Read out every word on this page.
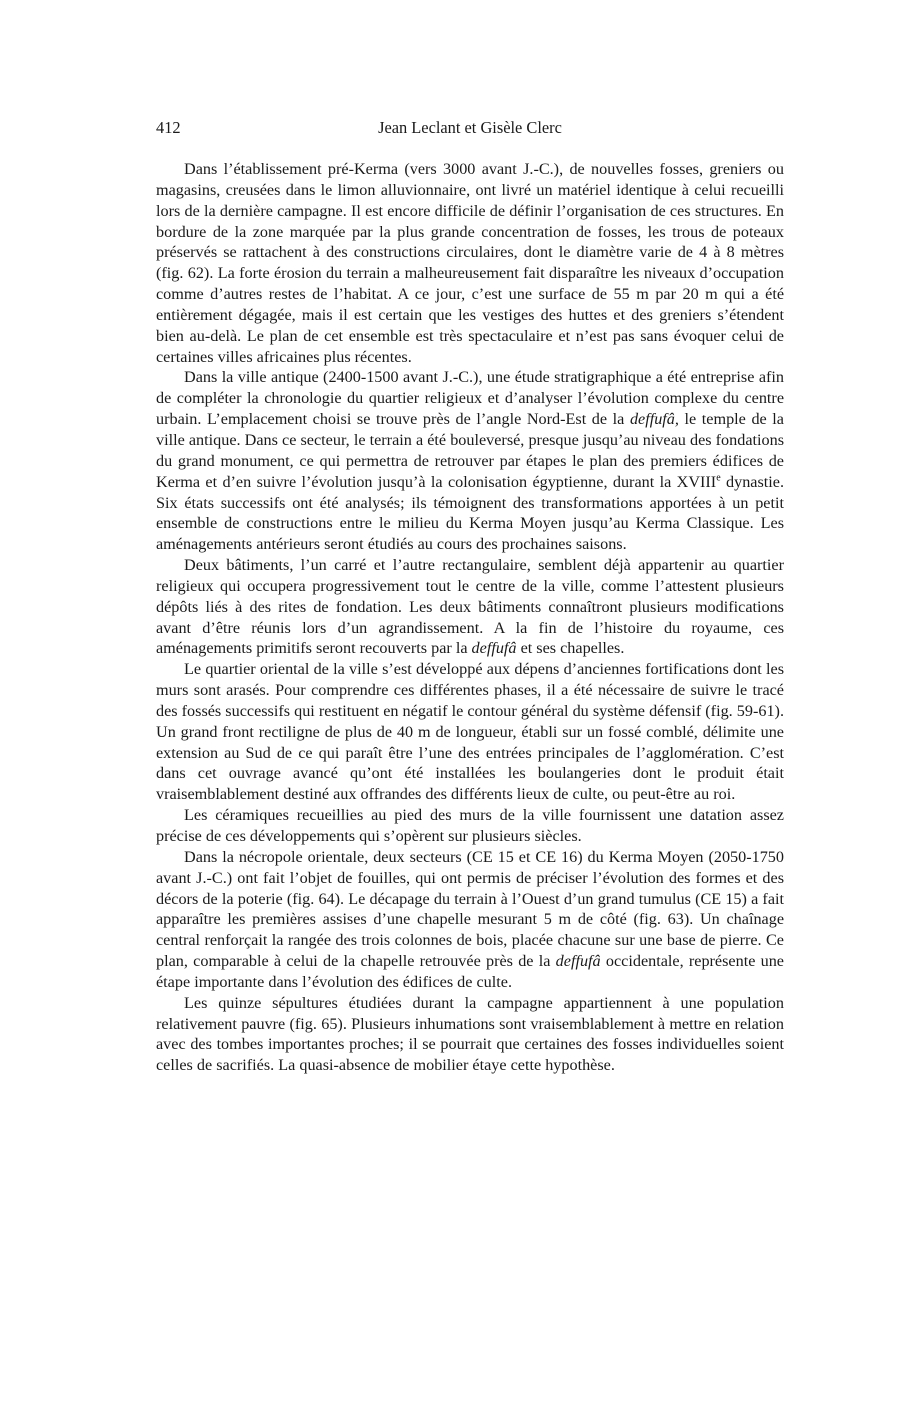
412	Jean Leclant et Gisèle Clerc

Dans l’établissement pré-Kerma (vers 3000 avant J.-C.), de nouvelles fosses, greniers ou magasins, creusées dans le limon alluvionnaire, ont livré un matériel identique à celui recueilli lors de la dernière campagne. Il est encore difficile de définir l’organisation de ces structures. En bordure de la zone marquée par la plus grande concentration de fosses, les trous de poteaux préservés se rattachent à des constructions circulaires, dont le diamètre varie de 4 à 8 mètres (fig. 62). La forte érosion du terrain a malheureusement fait disparaître les niveaux d’occupation comme d’autres restes de l’habitat. A ce jour, c’est une surface de 55 m par 20 m qui a été entièrement dégagée, mais il est certain que les vestiges des huttes et des greniers s’étendent bien au-delà. Le plan de cet ensemble est très spectaculaire et n’est pas sans évoquer celui de certaines villes africaines plus récentes.

Dans la ville antique (2400-1500 avant J.-C.), une étude stratigraphique a été entreprise afin de compléter la chronologie du quartier religieux et d’analyser l’évolution complexe du centre urbain. L’emplacement choisi se trouve près de l’angle Nord-Est de la deffufâ, le temple de la ville antique. Dans ce secteur, le terrain a été bouleversé, presque jusqu’au niveau des fondations du grand monument, ce qui permettra de retrouver par étapes le plan des premiers édifices de Kerma et d’en suivre l’évolution jusqu’à la colonisation égyptienne, durant la XVIIIe dynastie. Six états successifs ont été analysés; ils témoignent des transformations apportées à un petit ensemble de constructions entre le milieu du Kerma Moyen jusqu’au Kerma Classique. Les aménagements antérieurs seront étudiés au cours des prochaines saisons.

Deux bâtiments, l’un carré et l’autre rectangulaire, semblent déjà appartenir au quartier religieux qui occupera progressivement tout le centre de la ville, comme l’attestent plusieurs dépôts liés à des rites de fondation. Les deux bâtiments connaîtront plusieurs modifications avant d’être réunis lors d’un agrandissement. A la fin de l’histoire du royaume, ces aménagements primitifs seront recouverts par la deffufâ et ses chapelles.

Le quartier oriental de la ville s’est développé aux dépens d’anciennes fortifications dont les murs sont arasés. Pour comprendre ces différentes phases, il a été nécessaire de suivre le tracé des fossés successifs qui restituent en négatif le contour général du système défensif (fig. 59-61). Un grand front rectiligne de plus de 40 m de longueur, établi sur un fossé comblé, délimite une extension au Sud de ce qui paraît être l’une des entrées principales de l’agglomération. C’est dans cet ouvrage avancé qu’ont été installées les boulangeries dont le produit était vraisemblablement destiné aux offrandes des différents lieux de culte, ou peut-être au roi.

Les céramiques recueillies au pied des murs de la ville fournissent une datation assez précise de ces développements qui s’opèrent sur plusieurs siècles.

Dans la nécropole orientale, deux secteurs (CE 15 et CE 16) du Kerma Moyen (2050-1750 avant J.-C.) ont fait l’objet de fouilles, qui ont permis de préciser l’évolution des formes et des décors de la poterie (fig. 64). Le décapage du terrain à l’Ouest d’un grand tumulus (CE 15) a fait apparaître les premières assises d’une chapelle mesurant 5 m de côté (fig. 63). Un chaînage central renforçait la rangée des trois colonnes de bois, placée chacune sur une base de pierre. Ce plan, comparable à celui de la chapelle retrouvée près de la deffufâ occidentale, représente une étape importante dans l’évolution des édifices de culte.

Les quinze sépultures étudiées durant la campagne appartiennent à une population relativement pauvre (fig. 65). Plusieurs inhumations sont vraisemblablement à mettre en relation avec des tombes importantes proches; il se pourrait que certaines des fosses individuelles soient celles de sacrifiés. La quasi-absence de mobilier étaye cette hypothèse.
